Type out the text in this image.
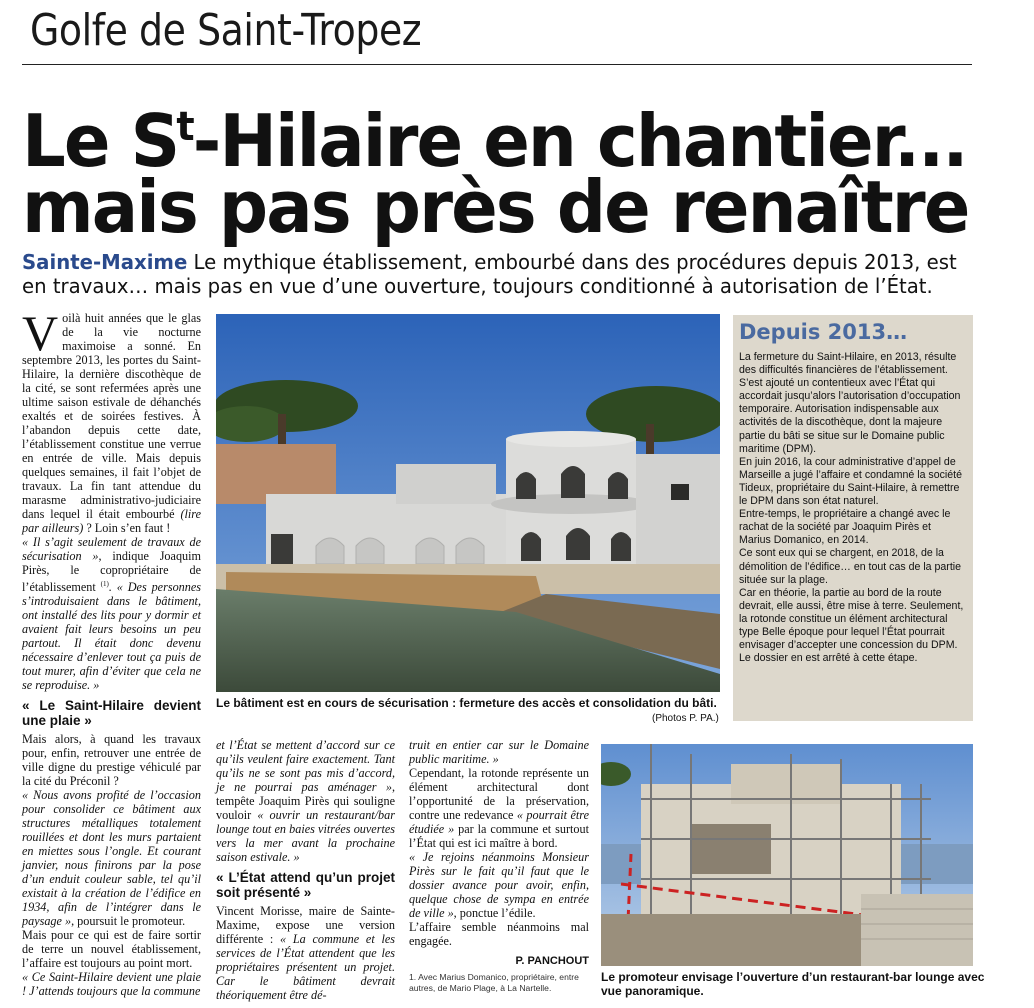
Golfe de Saint-Tropez
Le $S^t$-Hilaire en chantier...
mais pas près de renaître
Sainte-Maxime Le mythique établissement, embourbé dans des procédures depuis 2013, est en travaux… mais pas en vue d’une ouverture, toujours conditionné à autorisation de l’État.

Voilà huit années que le glas de la vie nocturne maximoise a sonné. En septembre 2013, les portes du Saint-Hilaire, la dernière discothèque de la cité, se sont refermées après une ultime saison estivale de déhanchés exaltés et de soirées festives. À l’abandon depuis cette date, l’établissement constitue une verrue en entrée de ville. Mais depuis quelques semaines, il fait l’objet de travaux. La fin tant attendue du marasme administrativo-judiciaire dans lequel il était embourbé (lire par ailleurs) ? Loin s’en faut !

« Il s’agit seulement de travaux de sécurisation », indique Joaquim Pirès, le copropriétaire de l’établissement $^{(1)}$. « Des personnes s’introduisaient dans le bâtiment, ont installé des lits pour y dormir et avaient fait leurs besoins un peu partout. Il était donc devenu nécessaire d’enlever tout ça puis de tout murer, afin d’éviter que cela ne se reproduise. »

« Le Saint-Hilaire devient une plaie »

Mais alors, à quand les travaux pour, enfin, retrouver une entrée de ville digne du prestige véhiculé par la cité du Préconil ?

« Nous avons profité de l’occasion pour consolider ce bâtiment aux structures métalliques totalement rouillées et dont les murs partaient en miettes sous l’ongle. Et courant janvier, nous finirons par la pose d’un enduit couleur sable, tel qu’il existait à la création de l’édifice en 1934, afin de l’intégrer dans le paysage », poursuit le promoteur.

Mais pour ce qui est de faire sortir de terre un nouvel établissement, l’affaire est toujours au point mort.

« Ce Saint-Hilaire devient une plaie ! J’attends toujours que la commune

Le bâtiment est en cours de sécurisation : fermeture des accès et consolidation du bâti.
(Photos P. PA.)
Depuis 2013…

La fermeture du Saint-Hilaire, en 2013, résulte des difficultés financières de l’établissement. S’est ajouté un contentieux avec l’État qui accordait jusqu’alors l’autorisation d’occupation temporaire. Autorisation indispensable aux activités de la discothèque, dont la majeure partie du bâti se situe sur le Domaine public maritime (DPM).

En juin 2016, la cour administrative d’appel de Marseille a jugé l’affaire et condamné la société Tideux, propriétaire du Saint-Hilaire, à remettre le DPM dans son état naturel.

Entre-temps, le propriétaire a changé avec le rachat de la société par Joaquim Pirès et Marius Domanico, en 2014.

Ce sont eux qui se chargent, en 2018, de la démolition de l’édifice… en tout cas de la partie située sur la plage.

Car en théorie, la partie au bord de la route devrait, elle aussi, être mise à terre. Seulement, la rotonde constitue un élément architectural type Belle époque pour lequel l’État pourrait envisager d’accepter une concession du DPM. Le dossier en est arrêté à cette étape.

et l’État se mettent d’accord sur ce qu’ils veulent faire exactement. Tant qu’ils ne se sont pas mis d’accord, je ne pourrai pas aménager », tempête Joaquim Pirès qui souligne vouloir « ouvrir un restaurant/bar lounge tout en baies vitrées ouvertes vers la mer avant la prochaine saison estivale. »

« L’État attend qu’un projet soit présenté »

Vincent Morisse, maire de Sainte-Maxime, expose une version différente : « La commune et les services de l’État attendent que les propriétaires présentent un projet. Car le bâtiment devrait théoriquement être dé-

truit en entier car sur le Domaine public maritime. »

Cependant, la rotonde représente un élément architectural dont l’opportunité de la préservation, contre une redevance « pourrait être étudiée » par la commune et surtout l’État qui est ici maître à bord.

« Je rejoins néanmoins Monsieur Pirès sur le fait qu’il faut que le dossier avance pour avoir, enfin, quelque chose de sympa en entrée de ville », ponctue l’édile.

L’affaire semble néanmoins mal engagée.

P. PANCHOUT
1. Avec Marius Domanico, propriétaire, entre autres, de Mario Plage, à La Nartelle.
Le promoteur envisage l’ouverture d’un restaurant-bar lounge avec vue panoramique.
